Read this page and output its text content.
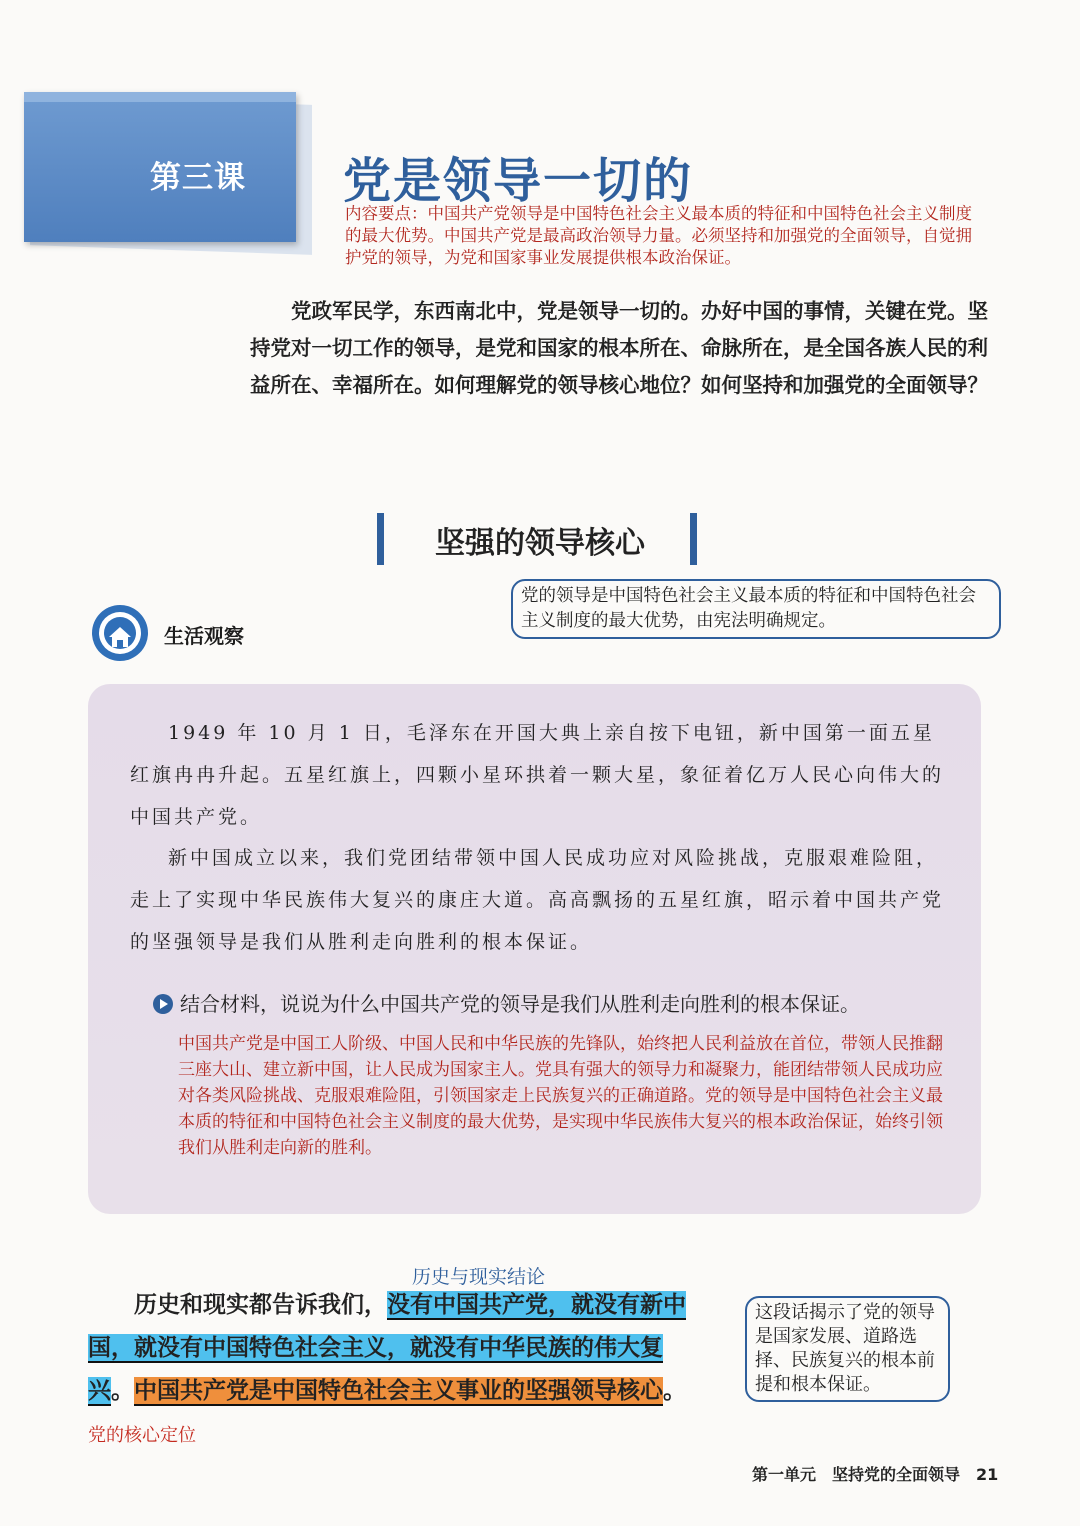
第三课 党是领导一切的
内容要点：中国共产党领导是中国特色社会主义最本质的特征和中国特色社会主义制度的最大优势。中国共产党是最高政治领导力量。必须坚持和加强党的全面领导，自觉拥护党的领导，为党和国家事业发展提供根本政治保证。
党政军民学，东西南北中，党是领导一切的。办好中国的事情，关键在党。坚持党对一切工作的领导，是党和国家的根本所在、命脉所在，是全国各族人民的利益所在、幸福所在。如何理解党的领导核心地位？如何坚持和加强党的全面领导？
坚强的领导核心
党的领导是中国特色社会主义最本质的特征和中国特色社会主义制度的最大优势，由宪法明确规定。
生活观察
1949 年 10 月 1 日，毛泽东在开国大典上亲自按下电钮，新中国第一面五星红旗冉冉升起。五星红旗上，四颗小星环拱着一颗大星，象征着亿万人民心向伟大的中国共产党。
新中国成立以来，我们党团结带领中国人民成功应对风险挑战，克服艰难险阻，走上了实现中华民族伟大复兴的康庄大道。高高飘扬的五星红旗，昭示着中国共产党的坚强领导是我们从胜利走向胜利的根本保证。
结合材料，说说为什么中国共产党的领导是我们从胜利走向胜利的根本保证。
中国共产党是中国工人阶级、中国人民和中华民族的先锋队，始终把人民利益放在首位，带领人民推翻三座大山、建立新中国，让人民成为国家主人。党具有强大的领导力和凝聚力，能团结带领人民成功应对各类风险挑战、克服艰难险阻，引领国家走上民族复兴的正确道路。党的领导是中国特色社会主义最本质的特征和中国特色社会主义制度的最大优势，是实现中华民族伟大复兴的根本政治保证，始终引领我们从胜利走向新的胜利。
历史与现实结论
历史和现实都告诉我们，没有中国共产党，就没有新中国，就没有中国特色社会主义，就没有中华民族的伟大复兴。中国共产党是中国特色社会主义事业的坚强领导核心。党的核心定位
这段话揭示了党的领导是国家发展、道路选择、民族复兴的根本前提和根本保证。
第一单元　坚持党的全面领导　21
